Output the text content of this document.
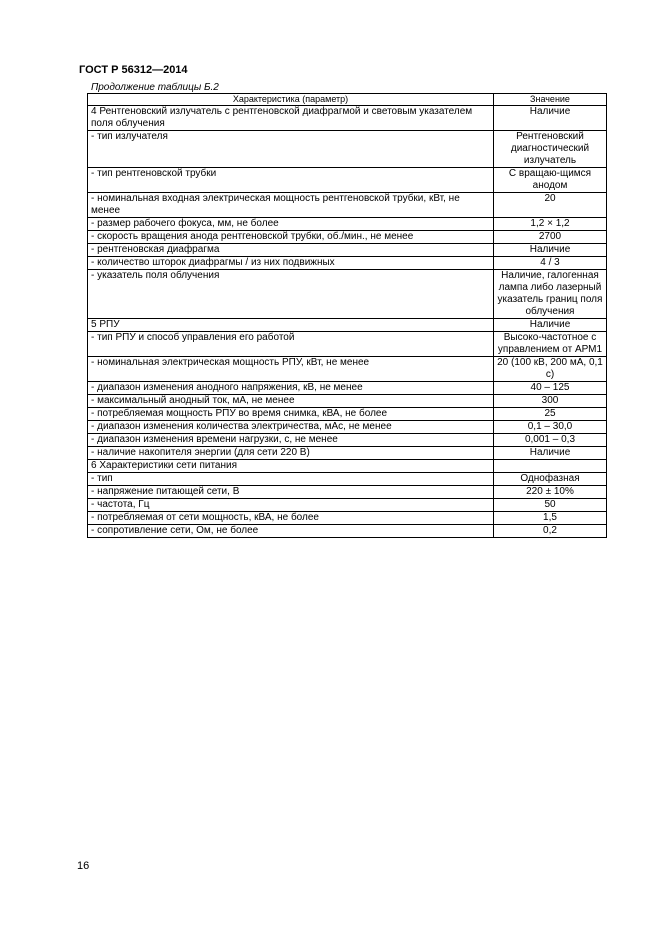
ГОСТ Р 56312—2014
Продолжение таблицы Б.2
Характеристика (параметр)	Значение
4 Рентгеновский излучатель с рентгеновской диафрагмой и световым указателем поля облучения	Наличие
- тип излучателя	Рентгеновский диагностический излучатель
- тип рентгеновской трубки	С вращаю-щимся анодом
- номинальная входная электрическая мощность рентгеновской трубки, кВт, не менее	20
- размер рабочего фокуса, мм, не более	1,2 × 1,2
- скорость вращения анода рентгеновской трубки, об./мин., не менее	2700
- рентгеновская диафрагма	Наличие
- количество шторок диафрагмы / из них подвижных	4 / 3
- указатель поля облучения	Наличие, галогенная лампа либо лазерный указатель границ поля облучения
5 РПУ	Наличие
- тип РПУ и способ управления его работой	Высоко-частотное с управлением от АРМ1
- номинальная электрическая мощность РПУ, кВт, не менее	20 (100 кВ, 200 мА, 0,1 с)
- диапазон изменения анодного напряжения, кВ, не менее	40 – 125
- максимальный анодный ток, мА, не менее	300
- потребляемая мощность РПУ во время снимка, кВА, не более	25
- диапазон изменения количества электричества, мАс, не менее	0,1 – 30,0
- диапазон изменения времени нагрузки, с, не менее	0,001 – 0,3
- наличие накопителя энергии (для сети 220 В)	Наличие
6 Характеристики сети питания	
- тип	Однофазная
- напряжение питающей сети, В	220 ± 10%
- частота, Гц	50
- потребляемая от сети мощность, кВА, не более	1,5
- сопротивление сети, Ом, не более	0,2
16
